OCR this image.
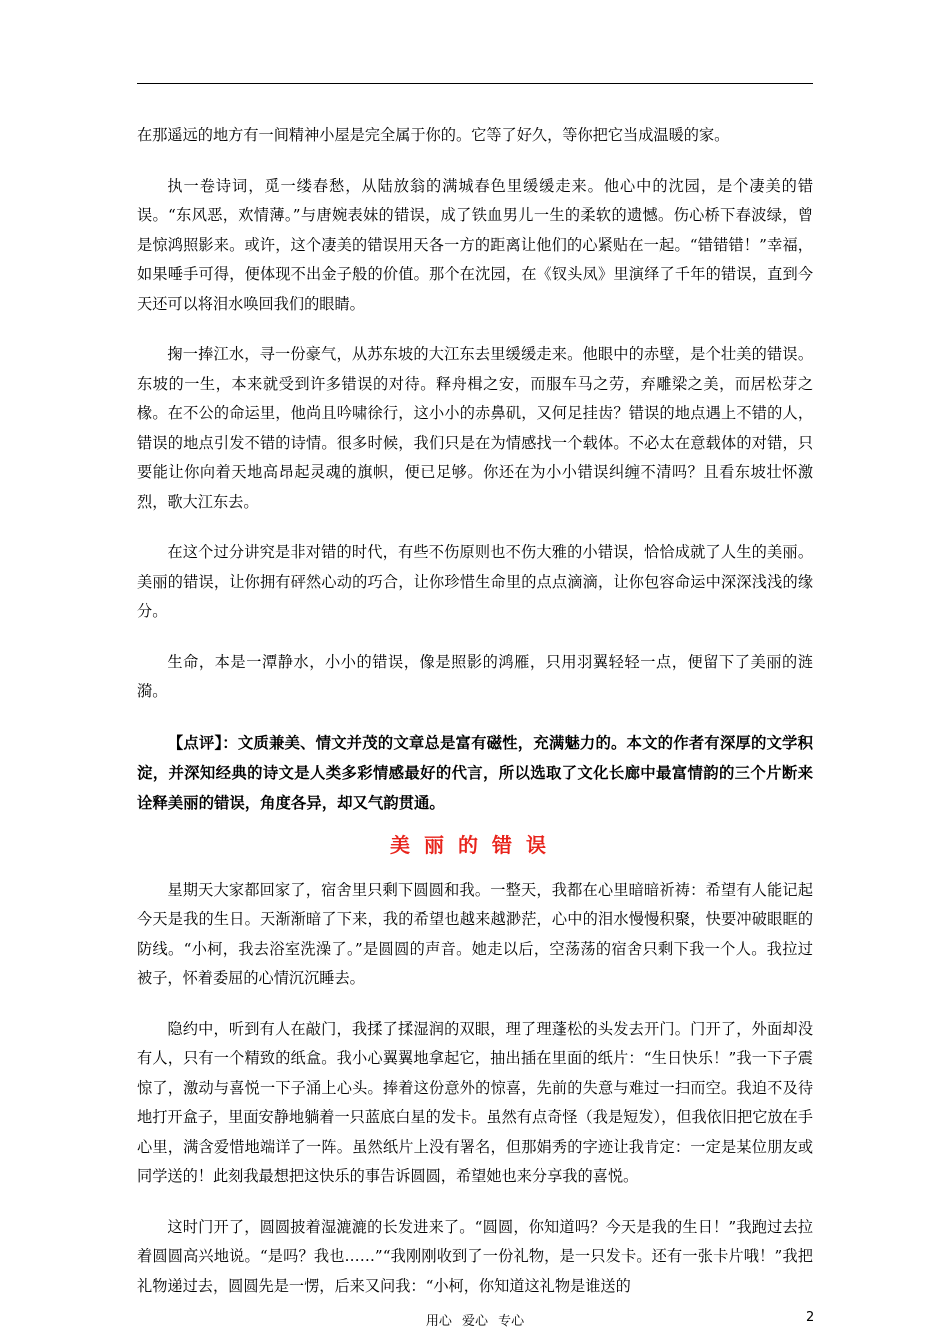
在那遥远的地方有一间精神小屋是完全属于你的。它等了好久，等你把它当成温暖的家。

执一卷诗词，觅一缕春愁，从陆放翁的满城春色里缓缓走来。他心中的沈园，是个凄美的错误。“东风恶，欢情薄。”与唐婉表妹的错误，成了铁血男儿一生的柔软的遗憾。伤心桥下春波绿，曾是惊鸿照影来。或许，这个凄美的错误用天各一方的距离让他们的心紧贴在一起。“错错错！”幸福，如果唾手可得，便体现不出金子般的价值。那个在沈园，在《钗头凤》里演绎了千年的错误，直到今天还可以将泪水唤回我们的眼睛。

掬一捧江水，寻一份豪气，从苏东坡的大江东去里缓缓走来。他眼中的赤壁，是个壮美的错误。东坡的一生，本来就受到许多错误的对待。释舟楫之安，而服车马之劳，弃雕梁之美，而居松芽之椽。在不公的命运里，他尚且吟啸徐行，这小小的赤鼻矶，又何足挂齿？错误的地点遇上不错的人，错误的地点引发不错的诗情。很多时候，我们只是在为情感找一个载体。不必太在意载体的对错，只要能让你向着天地高昂起灵魂的旗帜，便已足够。你还在为小小错误纠缠不清吗？且看东坡壮怀激烈，歌大江东去。

在这个过分讲究是非对错的时代，有些不伤原则也不伤大雅的小错误，恰恰成就了人生的美丽。美丽的错误，让你拥有砰然心动的巧合，让你珍惜生命里的点点滴滴，让你包容命运中深深浅浅的缘分。

生命，本是一潭静水，小小的错误，像是照影的鸿雁，只用羽翼轻轻一点，便留下了美丽的涟漪。

【点评】：文质兼美、情文并茂的文章总是富有磁性，充满魅力的。本文的作者有深厚的文学积淀，并深知经典的诗文是人类多彩情感最好的代言，所以选取了文化长廊中最富情韵的三个片断来诠释美丽的错误，角度各异，却又气韵贯通。

美丽的错误

星期天大家都回家了，宿舍里只剩下圆圆和我。一整天，我都在心里暗暗祈祷：希望有人能记起今天是我的生日。天渐渐暗了下来，我的希望也越来越渺茫，心中的泪水慢慢积聚，快要冲破眼眶的防线。“小柯，我去浴室洗澡了。”是圆圆的声音。她走以后，空荡荡的宿舍只剩下我一个人。我拉过被子，怀着委屈的心情沉沉睡去。

隐约中，听到有人在敲门，我揉了揉湿润的双眼，理了理蓬松的头发去开门。门开了，外面却没有人，只有一个精致的纸盒。我小心翼翼地拿起它，抽出插在里面的纸片：“生日快乐！”我一下子震惊了，激动与喜悦一下子涌上心头。捧着这份意外的惊喜，先前的失意与难过一扫而空。我迫不及待地打开盒子，里面安静地躺着一只蓝底白星的发卡。虽然有点奇怪（我是短发），但我依旧把它放在手心里，满含爱惜地端详了一阵。虽然纸片上没有署名，但那娟秀的字迹让我肯定：一定是某位朋友或同学送的！此刻我最想把这快乐的事告诉圆圆，希望她也来分享我的喜悦。

这时门开了，圆圆披着湿漉漉的长发进来了。“圆圆，你知道吗？今天是我的生日！”我跑过去拉着圆圆高兴地说。“是吗？我也……”“我刚刚收到了一份礼物，是一只发卡。还有一张卡片哦！”我把礼物递过去，圆圆先是一愣，后来又问我：“小柯，你知道这礼物是谁送的

用心 爱心 专心	2
